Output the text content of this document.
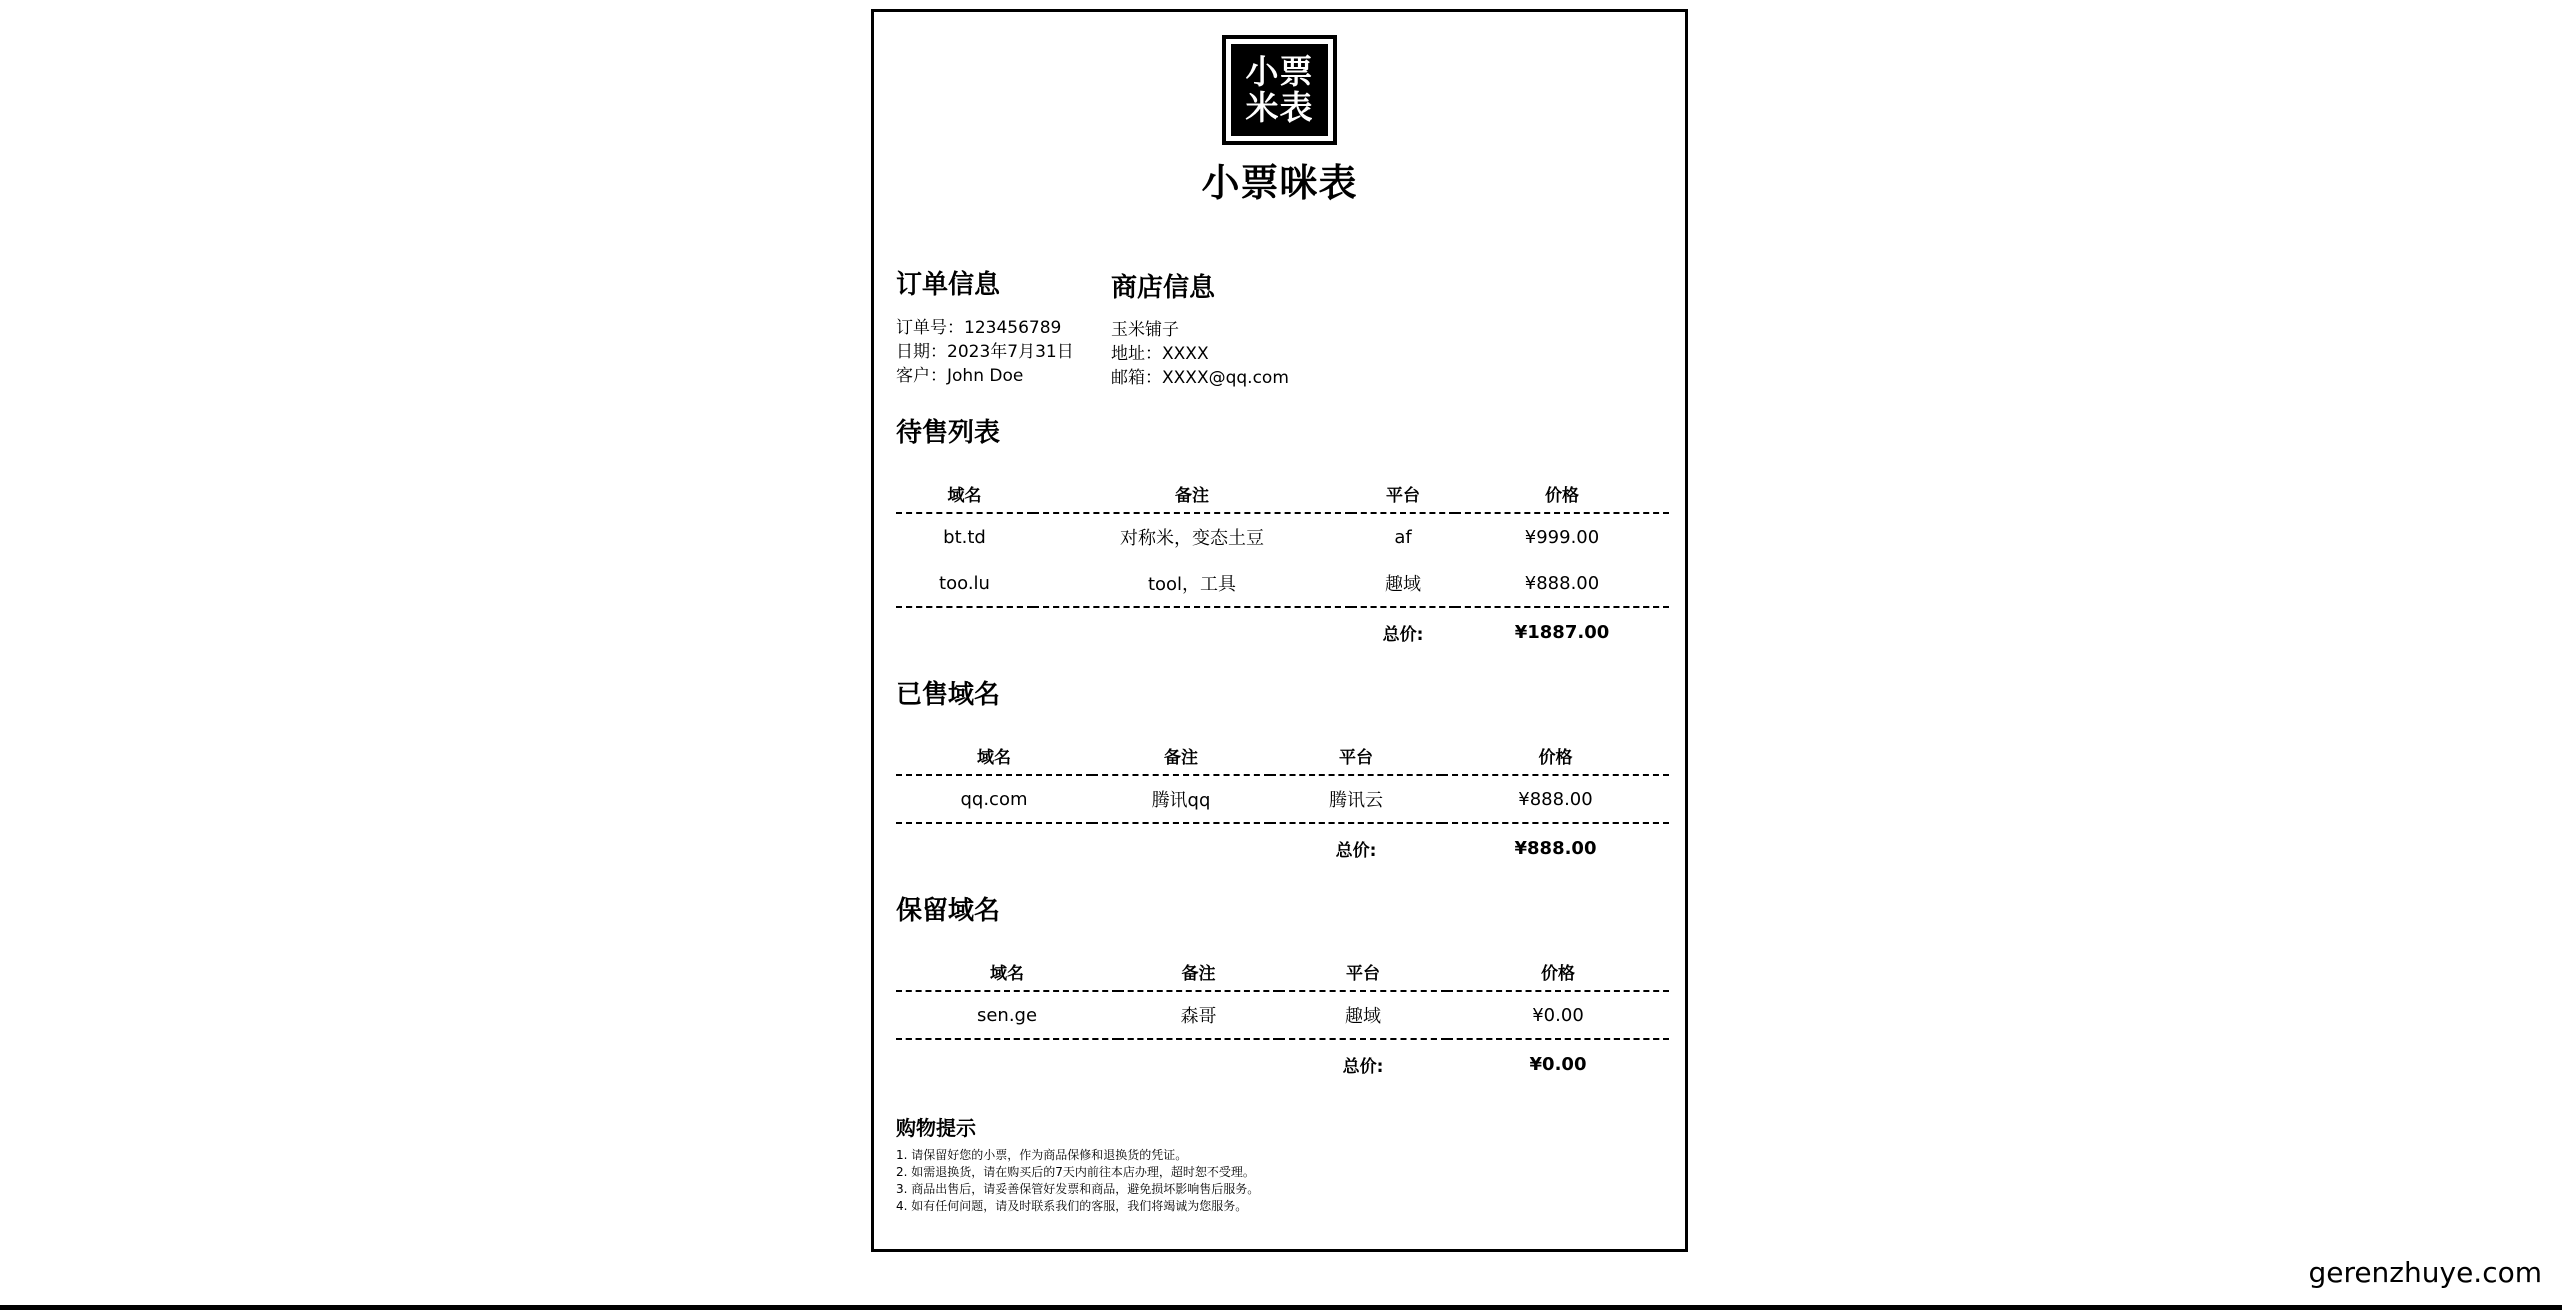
小票
米表
小票咪表
订单信息
订单号：123456789
日期：2023年7月31日
客户：John Doe
商店信息
玉米铺子
地址：XXXX
邮箱：XXXX@qq.com
待售列表
域名	备注	平台	价格
bt.td	对称米，变态土豆	af	¥999.00
too.lu	tool，工具	趣域	¥888.00
		总价:	¥1887.00
已售域名
域名	备注	平台	价格
qq.com	腾讯qq	腾讯云	¥888.00
		总价:	¥888.00
保留域名
域名	备注	平台	价格
sen.ge	森哥	趣域	¥0.00
		总价:	¥0.00
购物提示
1. 请保留好您的小票，作为商品保修和退换货的凭证。
2. 如需退换货，请在购买后的7天内前往本店办理，超时恕不受理。
3. 商品出售后，请妥善保管好发票和商品，避免损坏影响售后服务。
4. 如有任何问题，请及时联系我们的客服，我们将竭诚为您服务。
gerenzhuye.com
